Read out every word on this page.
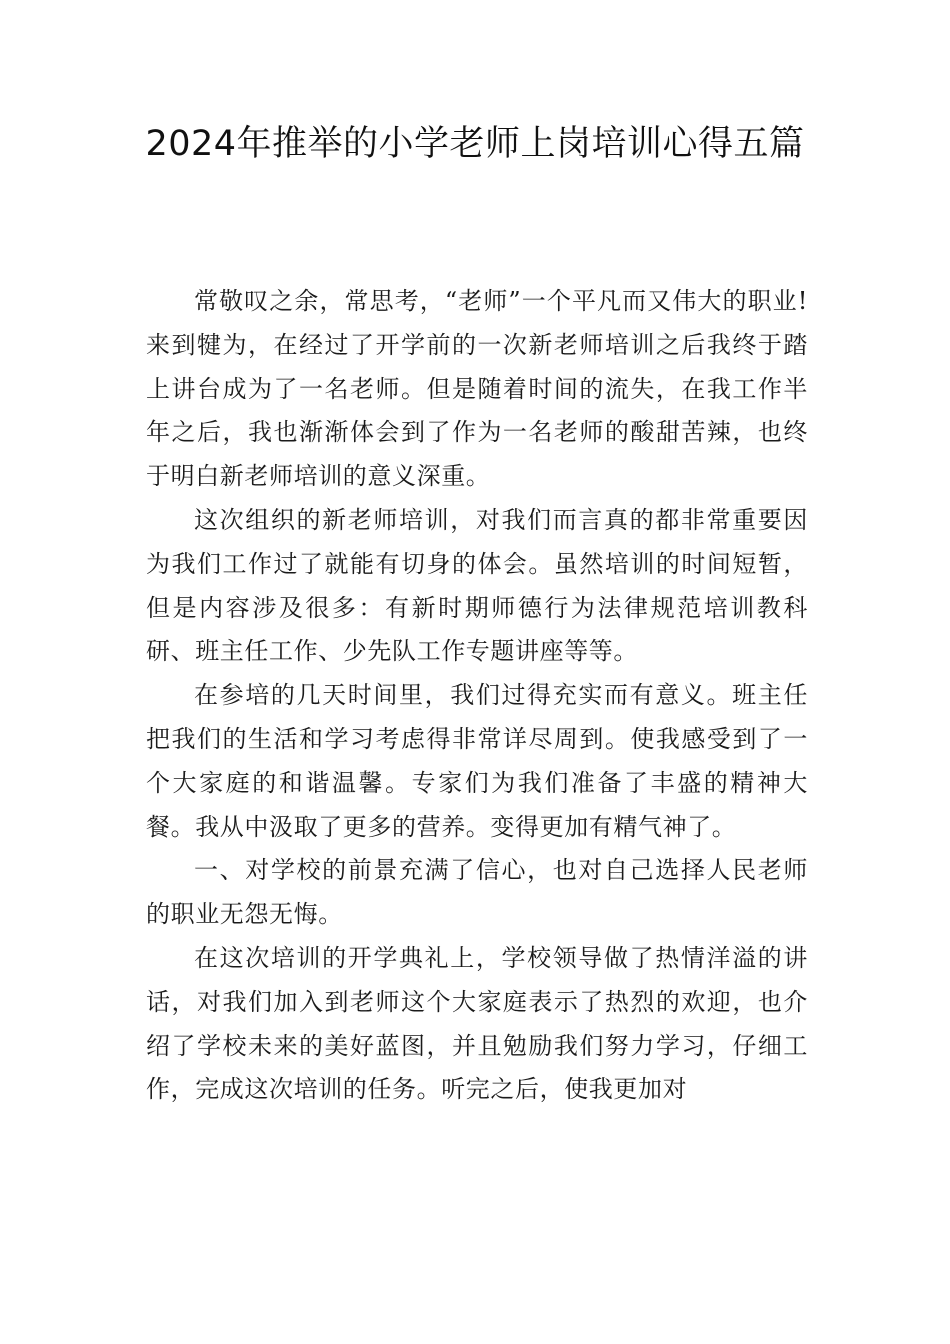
2024年推举的小学老师上岗培训心得五篇

常敬叹之余，常思考，“老师”一个平凡而又伟大的职业!来到犍为，在经过了开学前的一次新老师培训之后我终于踏上讲台成为了一名老师。但是随着时间的流失，在我工作半年之后，我也渐渐体会到了作为一名老师的酸甜苦辣，也终于明白新老师培训的意义深重。

这次组织的新老师培训，对我们而言真的都非常重要因为我们工作过了就能有切身的体会。虽然培训的时间短暂，但是内容涉及很多：有新时期师德行为法律规范培训教科研、班主任工作、少先队工作专题讲座等等。

在参培的几天时间里，我们过得充实而有意义。班主任把我们的生活和学习考虑得非常详尽周到。使我感受到了一个大家庭的和谐温馨。专家们为我们准备了丰盛的精神大餐。我从中汲取了更多的营养。变得更加有精气神了。

一、对学校的前景充满了信心，也对自己选择人民老师的职业无怨无悔。

在这次培训的开学典礼上，学校领导做了热情洋溢的讲话，对我们加入到老师这个大家庭表示了热烈的欢迎，也介绍了学校未来的美好蓝图，并且勉励我们努力学习，仔细工作，完成这次培训的任务。听完之后，使我更加对
